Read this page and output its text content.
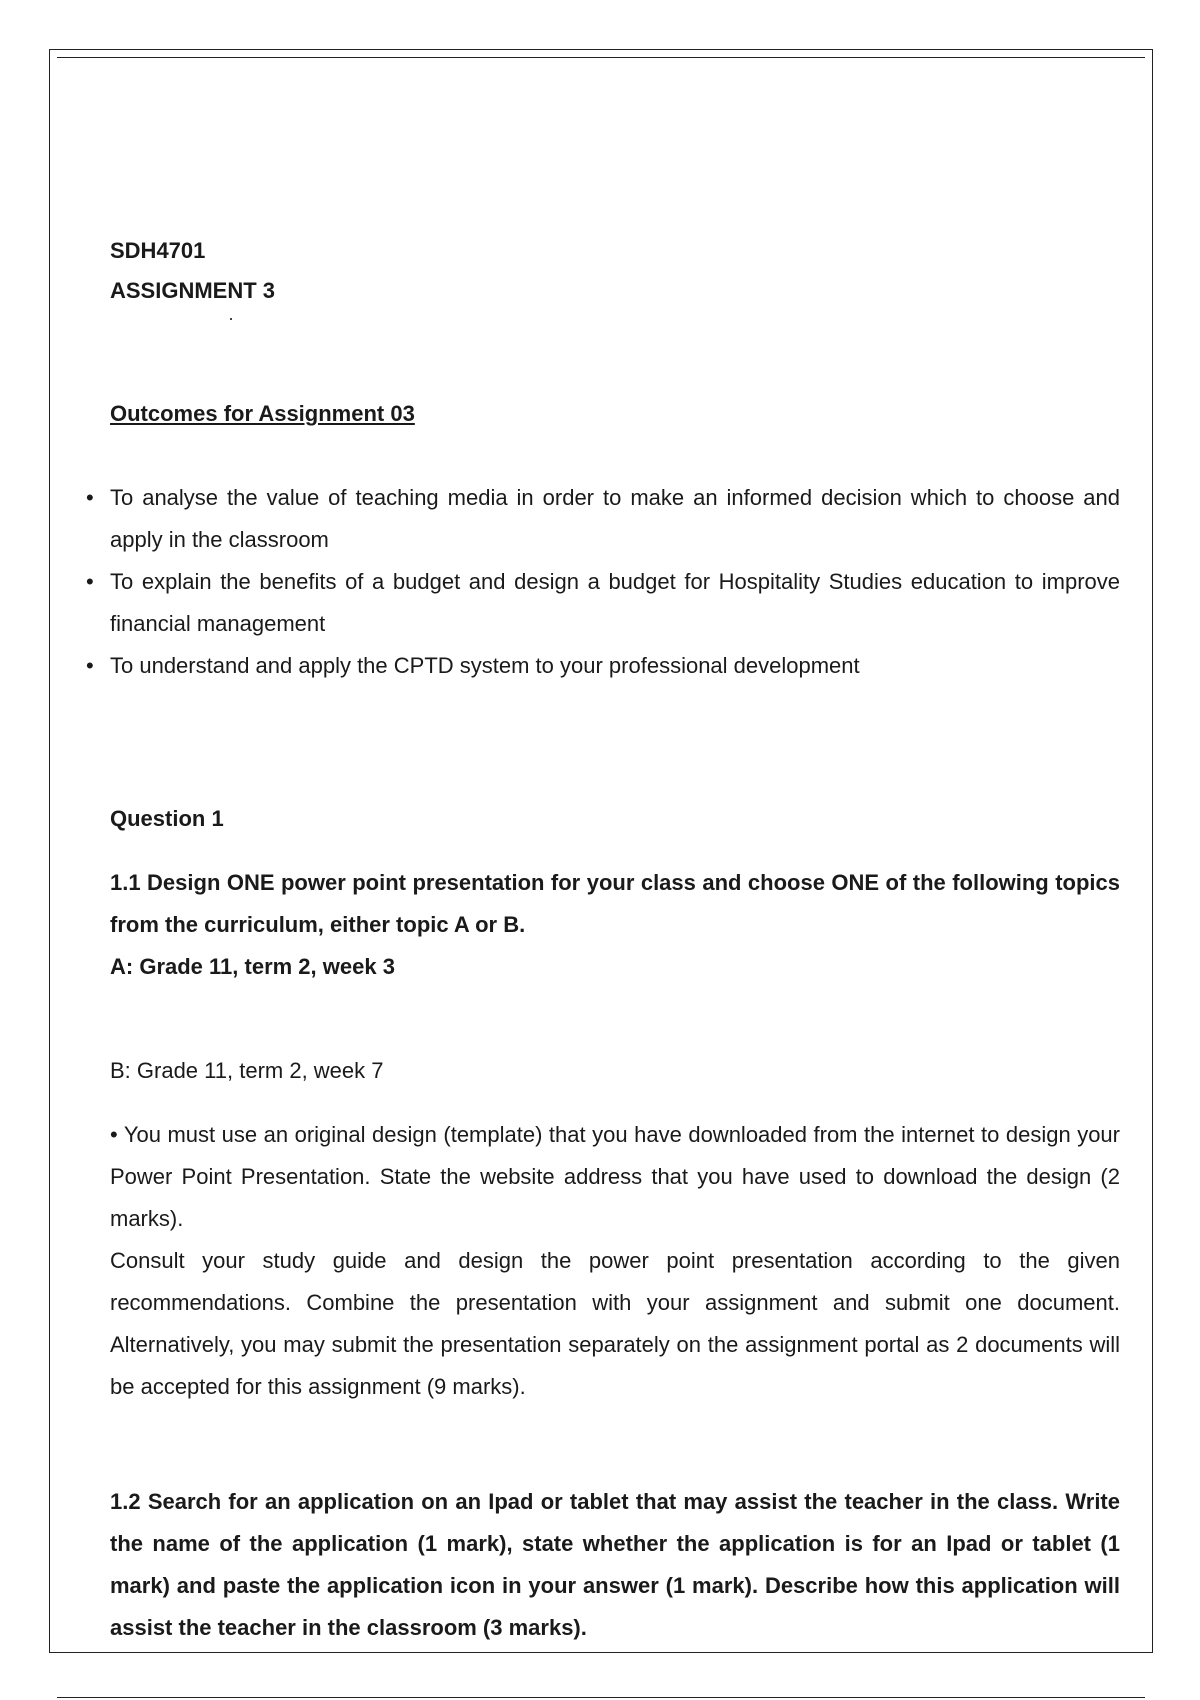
SDH4701
ASSIGNMENT 3
Outcomes for Assignment 03
• To analyse the value of teaching media in order to make an informed decision which to choose and apply in the classroom
• To explain the benefits of a budget and design a budget for Hospitality Studies education to improve financial management
• To understand and apply the CPTD system to your professional development
Question 1
1.1 Design ONE power point presentation for your class and choose ONE of the following topics from the curriculum, either topic A or B.
A: Grade 11, term 2, week 3
B: Grade 11, term 2, week 7

• You must use an original design (template) that you have downloaded from the internet to design your Power Point Presentation. State the website address that you have used to download the design (2 marks).

Consult your study guide and design the power point presentation according to the given recommendations. Combine the presentation with your assignment and submit one document. Alternatively, you may submit the presentation separately on the assignment portal as 2 documents will be accepted for this assignment (9 marks).

1.2 Search for an application on an Ipad or tablet that may assist the teacher in the class. Write the name of the application (1 mark), state whether the application is for an Ipad or tablet (1 mark) and paste the application icon in your answer (1 mark). Describe how this application will assist the teacher in the classroom (3 marks).
